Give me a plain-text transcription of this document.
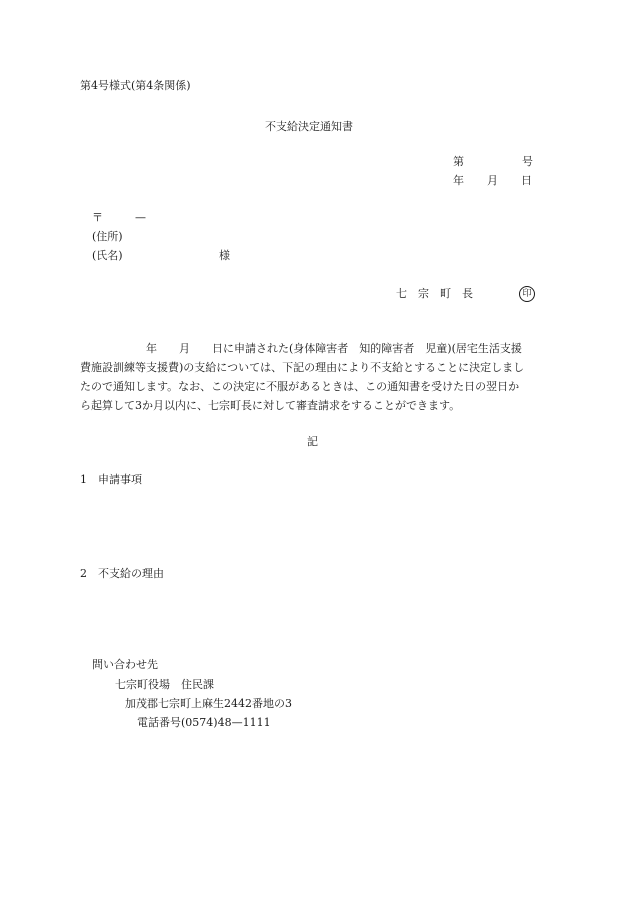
第4号様式(第4条関係)
不支給決定通知書
第	号
年 月 日
〒	—
(住所)
(氏名)	様
七　宗　町　長	印
　　　　　　年　　月　　日に申請された(身体障害者　知的障害者　児童)(居宅生活支援
費施設訓練等支援費)の支給については、下記の理由により不支給とすることに決定しまし
たので通知します。なお、この決定に不服があるときは、この通知書を受けた日の翌日か
ら起算して3か月以内に、七宗町長に対して審査請求をすることができます。
記
1　申請事項
2　不支給の理由
問い合わせ先
七宗町役場　住民課
加茂郡七宗町上麻生2442番地の3
電話番号(0574)48—1111
